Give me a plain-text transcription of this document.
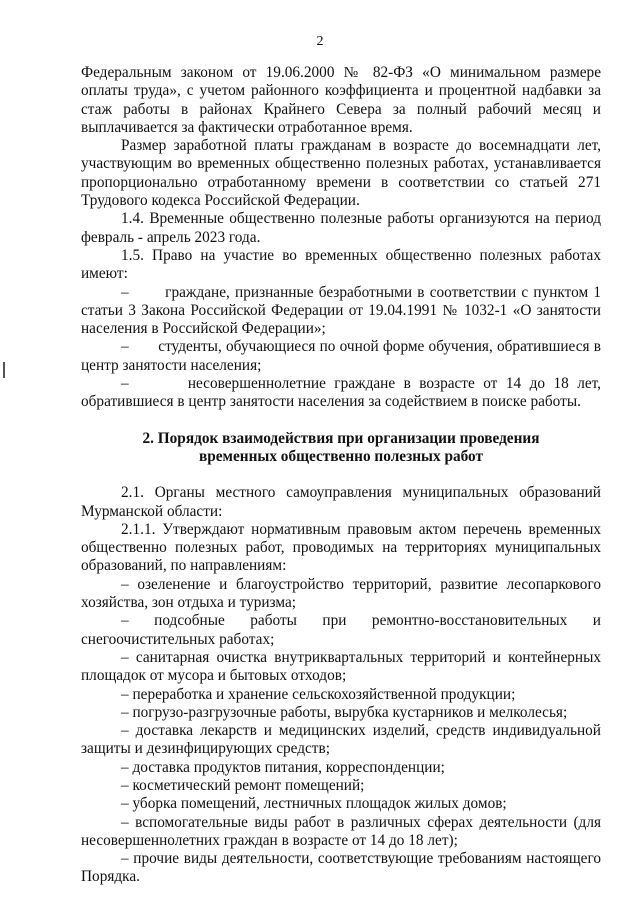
2

Федеральным законом от 19.06.2000 № 82-ФЗ «О минимальном размере оплаты труда», с учетом районного коэффициента и процентной надбавки за стаж работы в районах Крайнего Севера за полный рабочий месяц и выплачивается за фактически отработанное время.

Размер заработной платы гражданам в возрасте до восемнадцати лет, участвующим во временных общественно полезных работах, устанавливается пропорционально отработанному времени в соответствии со статьей 271 Трудового кодекса Российской Федерации.

1.4. Временные общественно полезные работы организуются на период февраль - апрель 2023 года.

1.5. Право на участие во временных общественно полезных работах имеют:

–       граждане, признанные безработными в соответствии с пунктом 1 статьи 3 Закона Российской Федерации от 19.04.1991 № 1032-1 «О занятости населения в Российской Федерации»;

–       студенты, обучающиеся по очной форме обучения, обратившиеся в центр занятости населения;

–       несовершеннолетние граждане в возрасте от 14 до 18 лет, обратившиеся в центр занятости населения за содействием в поиске работы.

2. Порядок взаимодействия при организации проведения
временных общественно полезных работ

2.1. Органы местного самоуправления муниципальных образований Мурманской области:

2.1.1. Утверждают нормативным правовым актом перечень временных общественно полезных работ, проводимых на территориях муниципальных образований, по направлениям:

– озеленение и благоустройство территорий, развитие лесопаркового хозяйства, зон отдыха и туризма;

– подсобные работы при ремонтно-восстановительных и снегоочистительных работах;

– санитарная очистка внутриквартальных территорий и контейнерных площадок от мусора и бытовых отходов;

– переработка и хранение сельскохозяйственной продукции;

– погрузо-разгрузочные работы, вырубка кустарников и мелколесья;

– доставка лекарств и медицинских изделий, средств индивидуальной защиты и дезинфицирующих средств;

– доставка продуктов питания, корреспонденции;

– косметический ремонт помещений;

– уборка помещений, лестничных площадок жилых домов;

– вспомогательные виды работ в различных сферах деятельности (для несовершеннолетних граждан в возрасте от 14 до 18 лет);

– прочие виды деятельности, соответствующие требованиям настоящего Порядка.
